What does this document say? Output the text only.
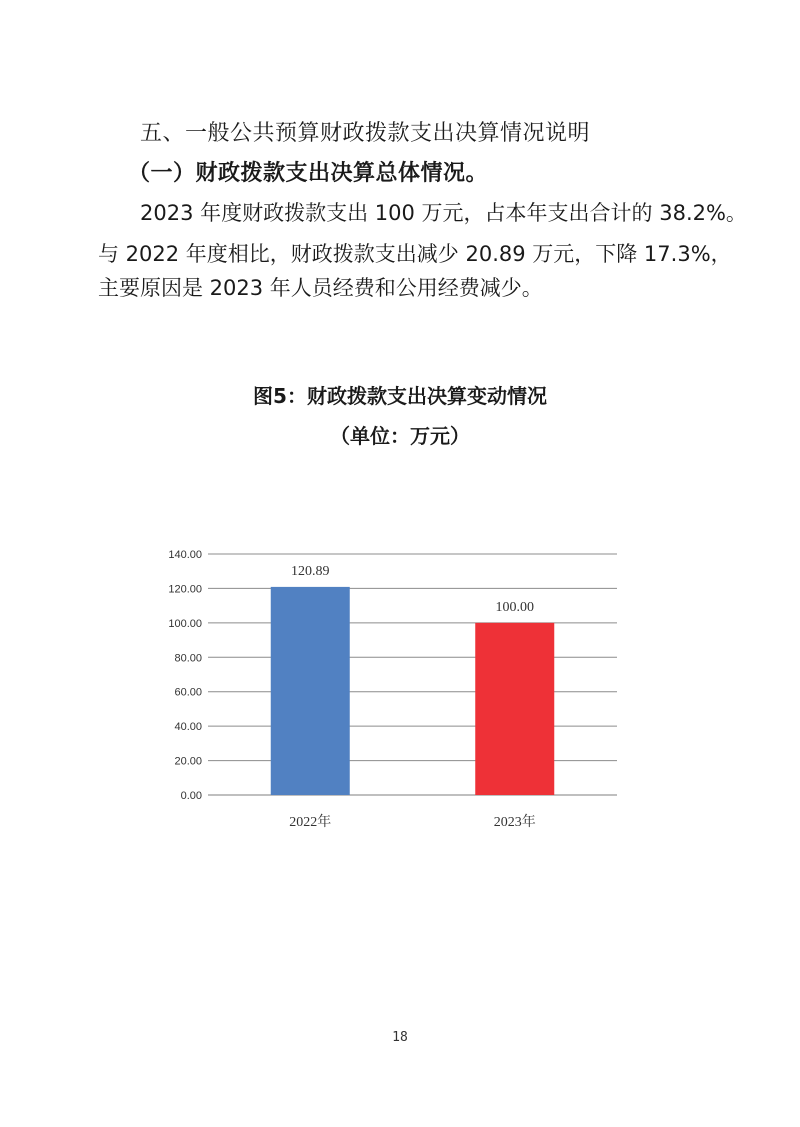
五、一般公共预算财政拨款支出决算情况说明
（一）财政拨款支出决算总体情况。
2023 年度财政拨款支出 100 万元，占本年支出合计的 38.2%。
与 2022 年度相比，财政拨款支出减少 20.89 万元，下降 17.3%，
主要原因是 2023 年人员经费和公用经费减少。
图5：财政拨款支出决算变动情况
（单位：万元）
0.00
20.00
40.00
60.00
80.00
100.00
120.00
140.00
120.89
2022年
100.00
2023年
18
